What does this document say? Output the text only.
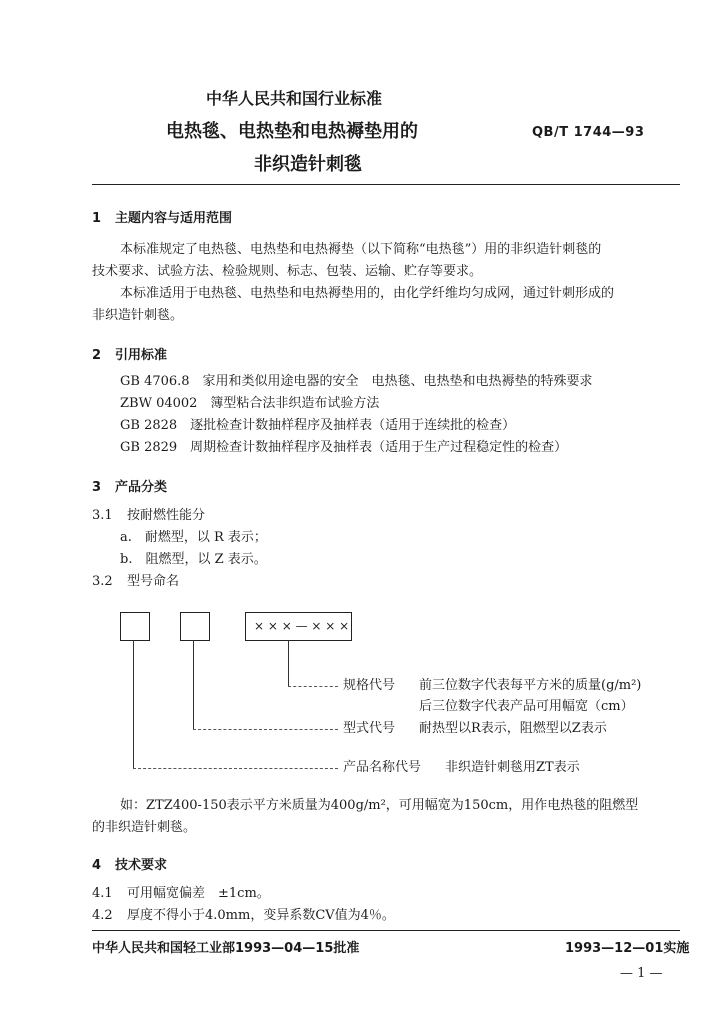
中华人民共和国行业标准
电热毯、电热垫和电热褥垫用的
非织造针刺毯
QB/T 1744—93
1 主题内容与适用范围
本标准规定了电热毯、电热垫和电热褥垫（以下简称“电热毯”）用的非织造针刺毯的
技术要求、试验方法、检验规则、标志、包装、运输、贮存等要求。
本标准适用于电热毯、电热垫和电热褥垫用的，由化学纤维均匀成网，通过针刺形成的
非织造针刺毯。
2 引用标准
GB 4706.8　家用和类似用途电器的安全　电热毯、电热垫和电热褥垫的特殊要求
ZBW 04002　簿型粘合法非织造布试验方法
GB 2828　逐批检查计数抽样程序及抽样表（适用于连续批的检查）
GB 2829　周期检查计数抽样程序及抽样表（适用于生产过程稳定性的检查）
3 产品分类
3.1 按耐燃性能分
a.　耐燃型，以 R 表示；
b.　阻燃型，以 Z 表示。
3.2 型号命名
× × × — × × ×
规格代号 前三位数字代表每平方米的质量(g/m²)
后三位数字代表产品可用幅宽（cm）
型式代号 耐热型以R表示，阻燃型以Z表示
产品名称代号 非织造针刺毯用ZT表示
如：ZTZ400-150表示平方米质量为400g/m²，可用幅宽为150cm，用作电热毯的阻燃型
的非织造针刺毯。
4 技术要求
4.1 可用幅宽偏差　±1cm。
4.2 厚度不得小于4.0mm，变异系数CV值为4％。
中华人民共和国轻工业部1993—04—15批准	1993—12—01实施
— 1 —
